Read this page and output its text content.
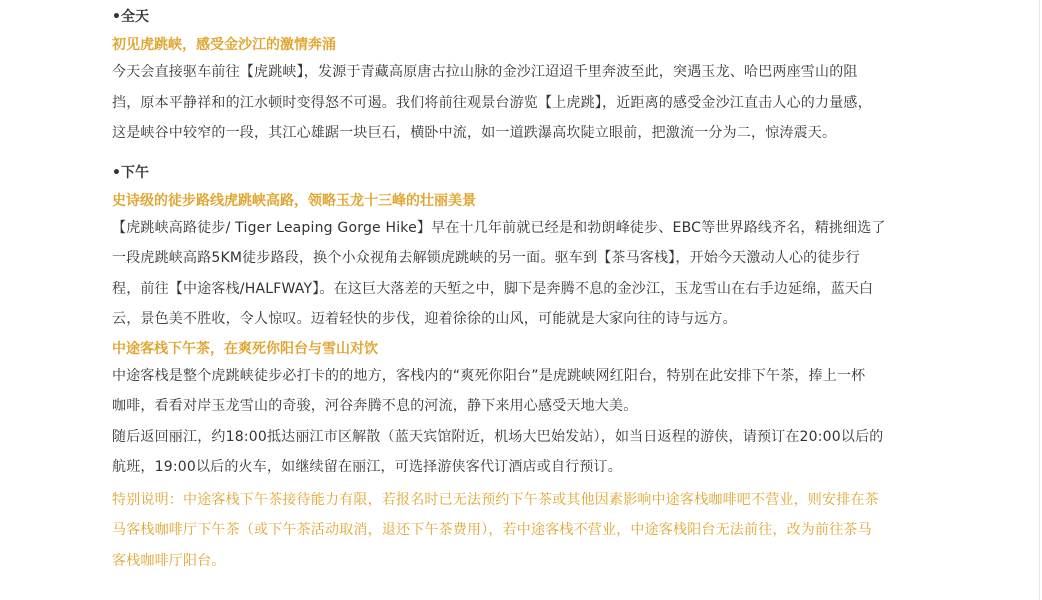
•全天
初见虎跳峡，感受金沙江的激情奔涌

今天会直接驱车前往【虎跳峡】，发源于青藏高原唐古拉山脉的金沙江迢迢千里奔波至此，突遇玉龙、哈巴两座雪山的阻
挡，原本平静祥和的江水顿时变得怒不可遏。我们将前往观景台游览【上虎跳】，近距离的感受金沙江直击人心的力量感，
这是峡谷中较窄的一段，其江心雄踞一块巨石，横卧中流，如一道跌瀑高坎陡立眼前，把激流一分为二，惊涛震天。

•下午
史诗级的徒步路线虎跳峡高路，领略玉龙十三峰的壮丽美景

【虎跳峡高路徒步/ Tiger Leaping Gorge Hike】早在十几年前就已经是和勃朗峰徒步、EBC等世界路线齐名，精挑细选了
一段虎跳峡高路5KM徒步路段，换个小众视角去解锁虎跳峡的另一面。驱车到【茶马客栈】，开始今天激动人心的徒步行
程，前往【中途客栈/HALFWAY】。在这巨大落差的天堑之中，脚下是奔腾不息的金沙江，玉龙雪山在右手边延绵，蓝天白
云，景色美不胜收，令人惊叹。迈着轻快的步伐，迎着徐徐的山风，可能就是大家向往的诗与远方。

中途客栈下午茶，在爽死你阳台与雪山对饮

中途客栈是整个虎跳峡徒步必打卡的的地方，客栈内的“爽死你阳台”是虎跳峡网红阳台，特别在此安排下午茶，捧上一杯
咖啡，看看对岸玉龙雪山的奇骏，河谷奔腾不息的河流，静下来用心感受天地大美。
随后返回丽江，约18:00抵达丽江市区解散（蓝天宾馆附近，机场大巴始发站），如当日返程的游侠，请预订在20:00以后的
航班，19:00以后的火车，如继续留在丽江，可选择游侠客代订酒店或自行预订。

特别说明：中途客栈下午茶接待能力有限，若报名时已无法预约下午茶或其他因素影响中途客栈咖啡吧不营业，则安排在茶
马客栈咖啡厅下午茶（或下午茶活动取消，退还下午茶费用），若中途客栈不营业，中途客栈阳台无法前往，改为前往茶马
客栈咖啡厅阳台。
